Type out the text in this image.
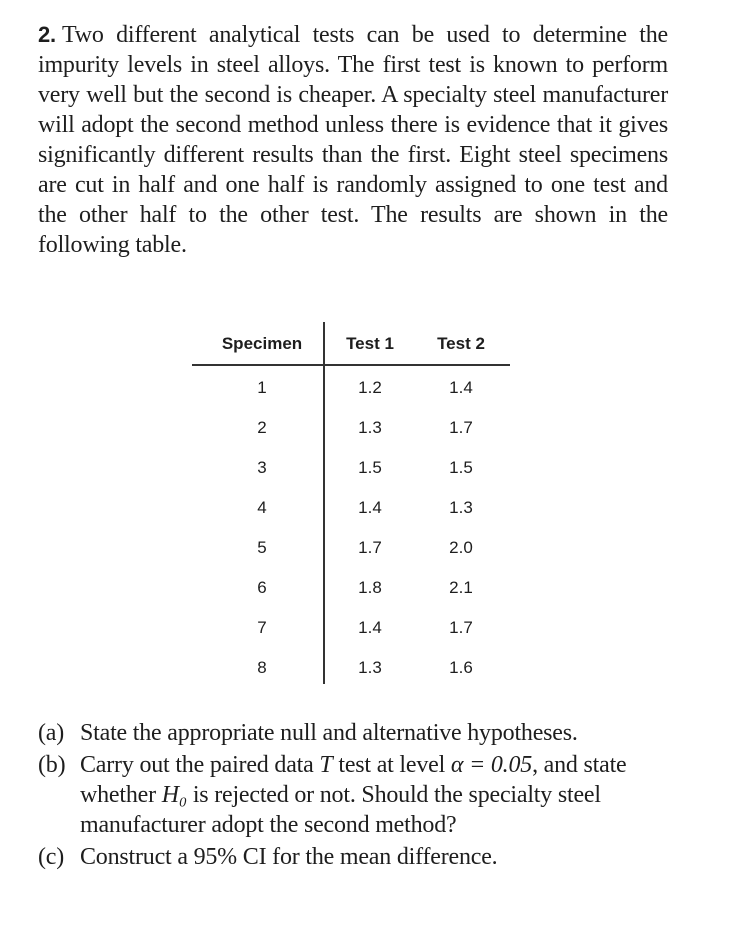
2. Two different analytical tests can be used to determine the impurity levels in steel alloys. The first test is known to perform very well but the second is cheaper. A specialty steel manufacturer will adopt the second method unless there is evidence that it gives significantly different results than the first. Eight steel specimens are cut in half and one half is randomly assigned to one test and the other half to the other test. The results are shown in the following table.
Specimen	Test 1	Test 2
1	1.2	1.4
2	1.3	1.7
3	1.5	1.5
4	1.4	1.3
5	1.7	2.0
6	1.8	2.1
7	1.4	1.7
8	1.3	1.6
(a) State the appropriate null and alternative hypotheses.
(b) Carry out the paired data T test at level α = 0.05, and state whether H₀ is rejected or not. Should the specialty steel manufacturer adopt the second method?
(c) Construct a 95% CI for the mean difference.
